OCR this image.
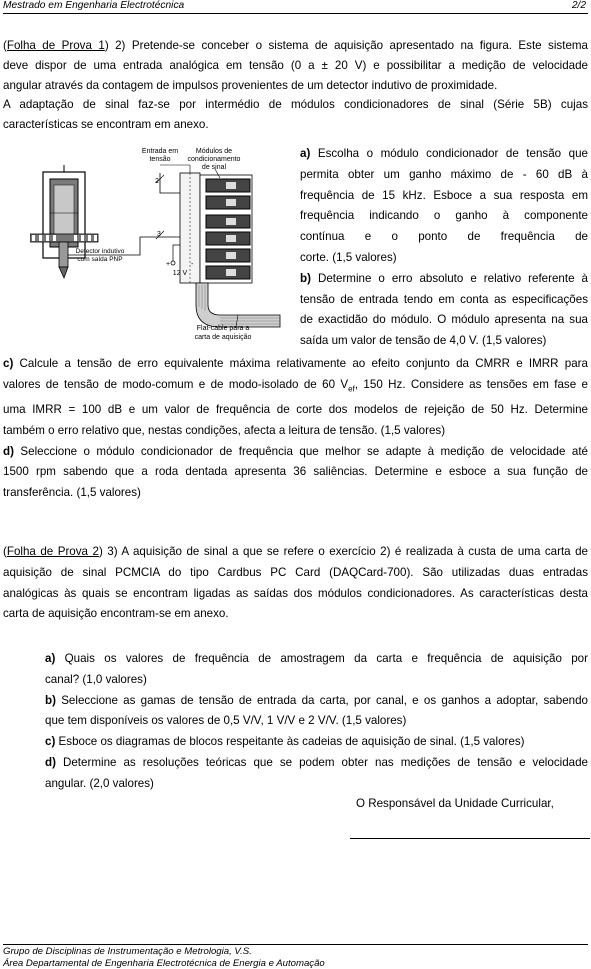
Mestrado em Engenharia Electrotécnica	2/2
(Folha de Prova 1) 2) Pretende-se conceber o sistema de aquisição apresentado na figura. Este sistema
deve dispor de uma entrada analógica em tensão (0 a ± 20 V) e possibilitar a medição de velocidade
angular através da contagem de impulsos provenientes de um detector indutivo de proximidade.
A adaptação de sinal faz-se por intermédio de módulos condicionadores de sinal (Série 5B) cujas
características se encontram em anexo.
Entrada em
tensão
Módulos de
condicionamento
de sinal
2
3
Detector indutivo
com saída PNP
+	-
12 V
Flat-cable para a
carta de aquisição
a) Escolha o módulo condicionador de tensão que
permita obter um ganho máximo de - 60 dB à
frequência de 15 kHz. Esboce a sua resposta em
frequência indicando o ganho à componente
contínua e o ponto de frequência de
corte. (1,5 valores)
b) Determine o erro absoluto e relativo referente à
tensão de entrada tendo em conta as especificações
de exactidão do módulo. O módulo apresenta na sua
saída um valor de tensão de 4,0 V. (1,5 valores)
c) Calcule a tensão de erro equivalente máxima relativamente ao efeito conjunto da CMRR e IMRR para
valores de tensão de modo-comum e de modo-isolado de 60 $V_{ef}$, 150 Hz. Considere as tensões em fase e
uma IMRR = 100 dB e um valor de frequência de corte dos modelos de rejeição de 50 Hz. Determine
também o erro relativo que, nestas condições, afecta a leitura de tensão. (1,5 valores)
d) Seleccione o módulo condicionador de frequência que melhor se adapte à medição de velocidade até
1500 rpm sabendo que a roda dentada apresenta 36 saliências. Determine e esboce a sua função de
transferência. (1,5 valores)
(Folha de Prova 2) 3) A aquisição de sinal a que se refere o exercício 2) é realizada à custa de uma carta de
aquisição de sinal PCMCIA do tipo Cardbus PC Card (DAQCard-700). São utilizadas duas entradas
analógicas às quais se encontram ligadas as saídas dos módulos condicionadores. As características desta
carta de aquisição encontram-se em anexo.
a) Quais os valores de frequência de amostragem da carta e frequência de aquisição por
canal? (1,0 valores)
b) Seleccione as gamas de tensão de entrada da carta, por canal, e os ganhos a adoptar, sabendo
que tem disponíveis os valores de 0,5 V/V, 1 V/V e 2 V/V. (1,5 valores)
c) Esboce os diagramas de blocos respeitante às cadeias de aquisição de sinal. (1,5 valores)
d) Determine as resoluções teóricas que se podem obter nas medições de tensão e velocidade
angular. (2,0 valores)
O Responsável da Unidade Curricular,
Grupo de Disciplinas de Instrumentação e Metrologia, V.S.
Área Departamental de Engenharia Electrotécnica de Energia e Automação
